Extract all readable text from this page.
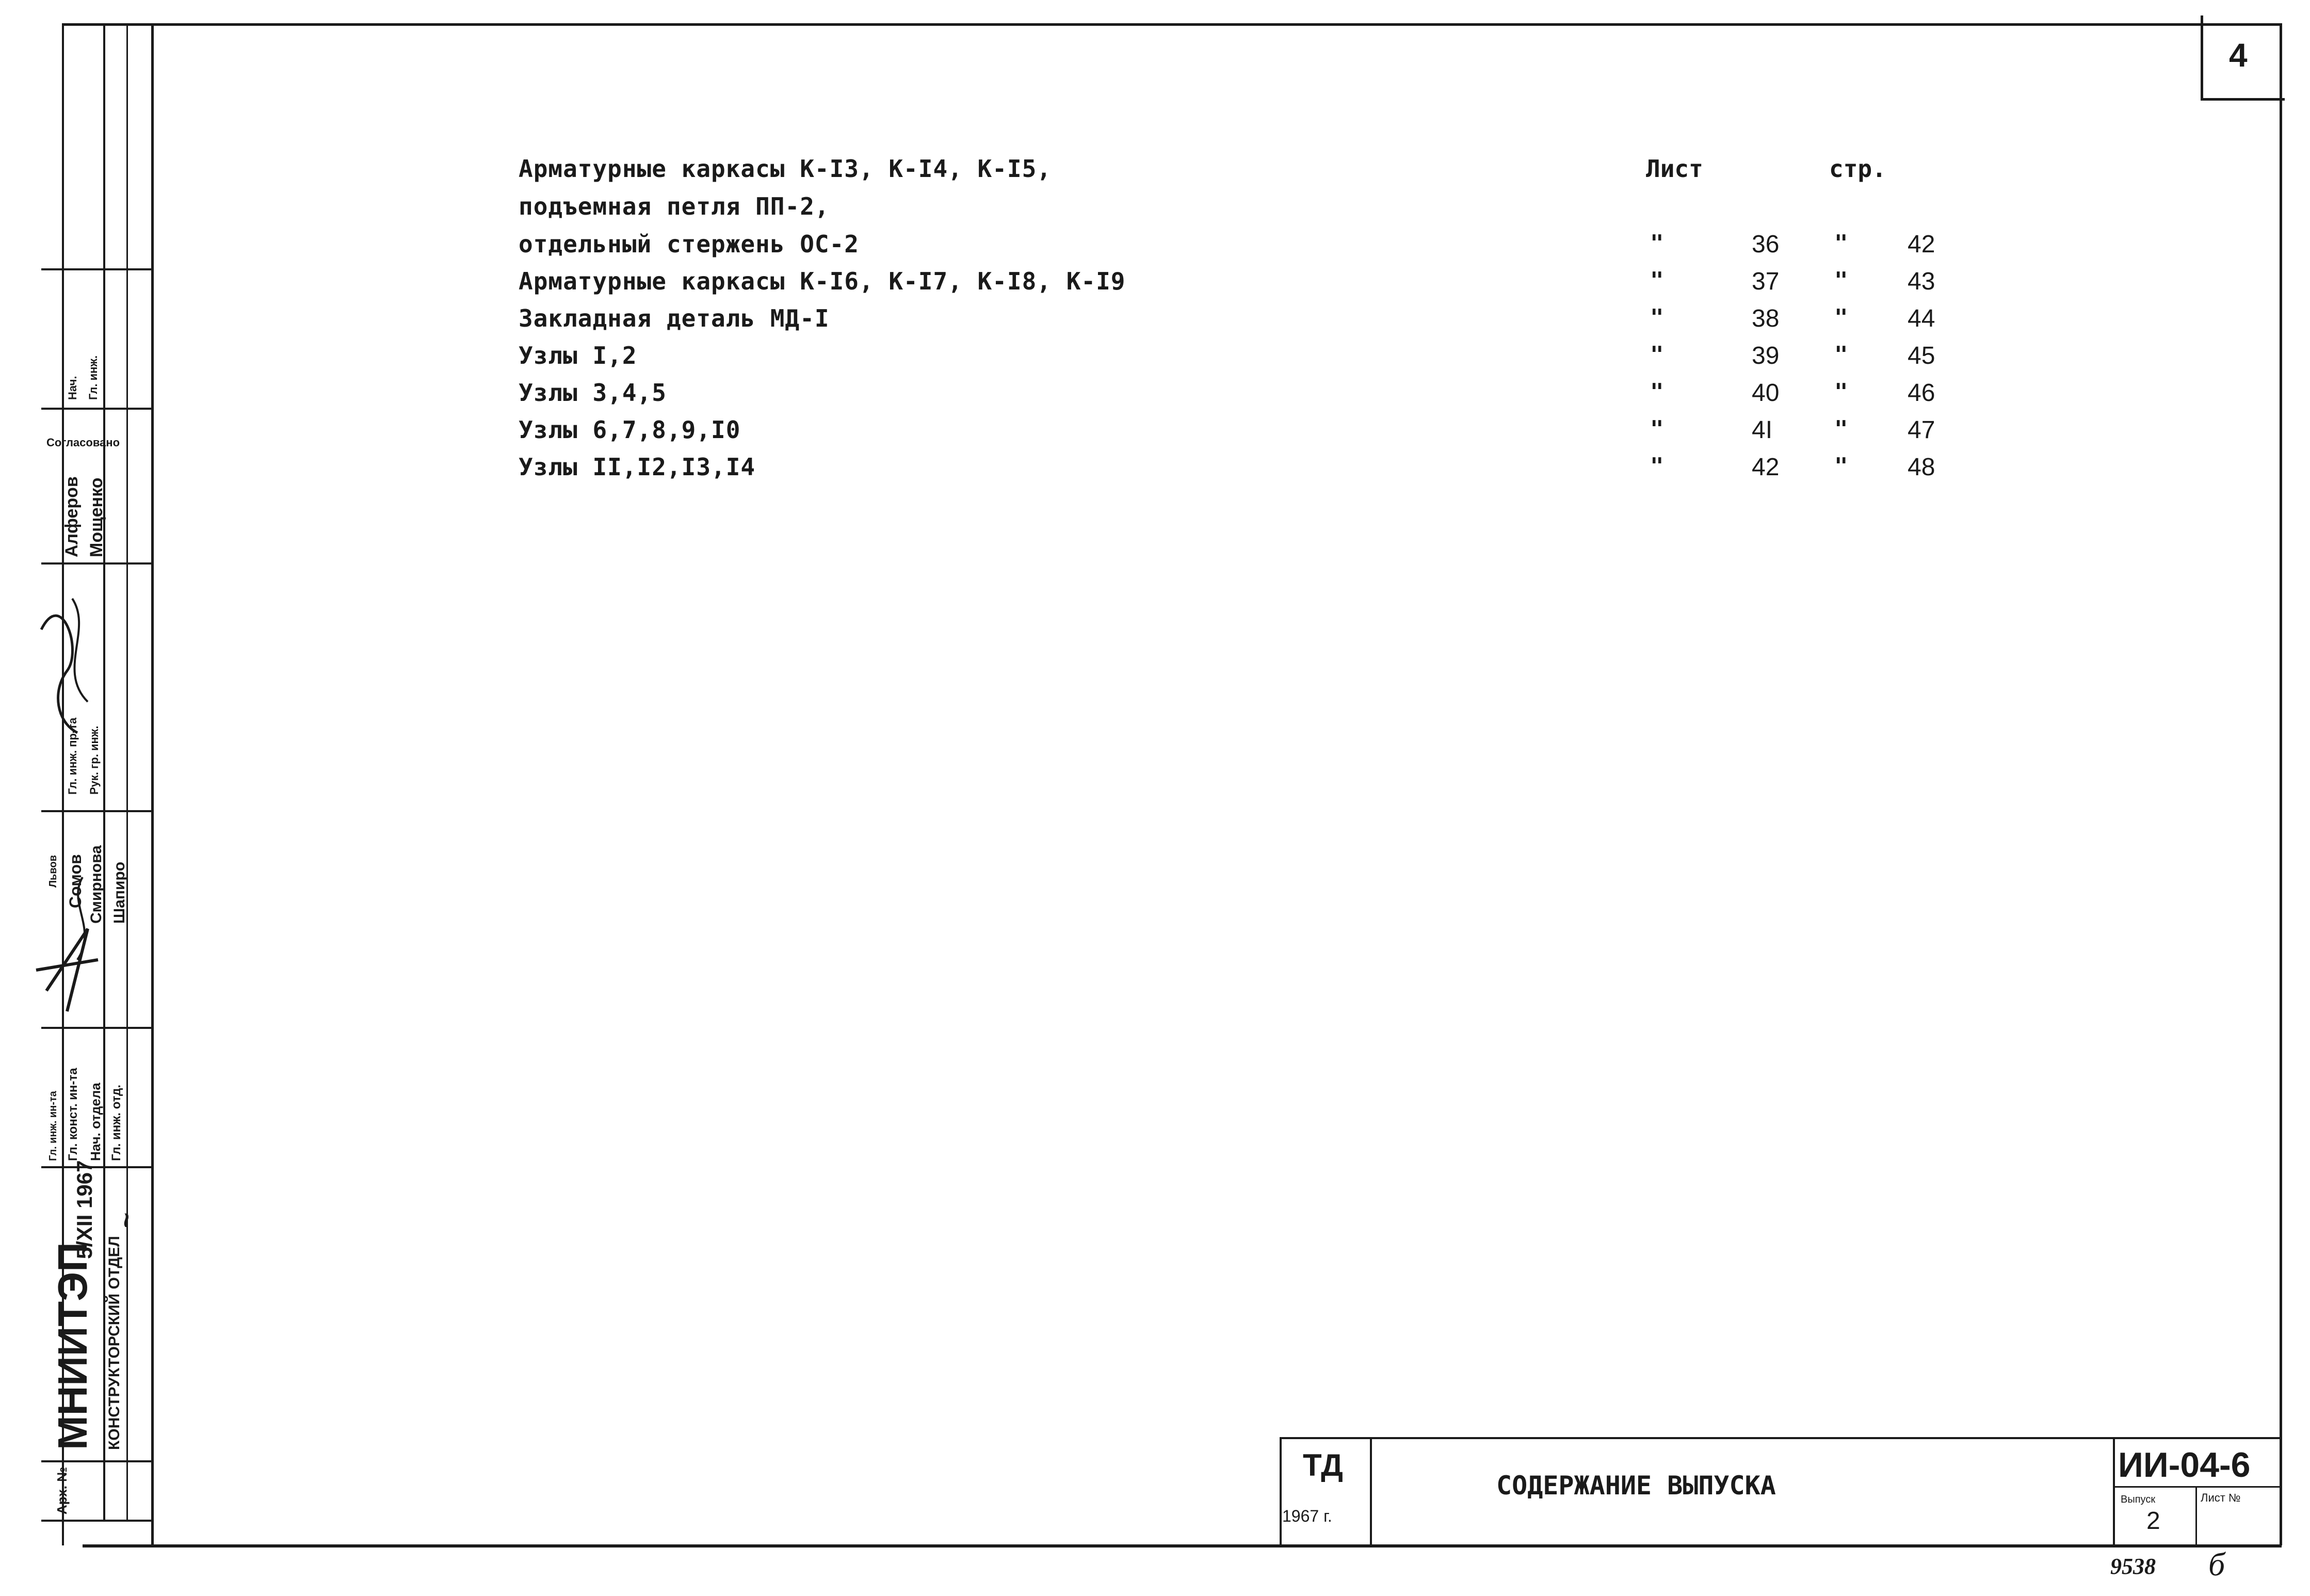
4
Лист	стр.
Арматурные каркасы К-I3, К-I4, К-I5,
подъемная петля ПП-2,
отдельный стержень ОС-2	"	36 " 42
Арматурные каркасы К-I6, К-I7, К-I8, К-I9	"	37 " 43
Закладная деталь МД-I	"	38 " 44
Узлы I,2	"	39 " 45
Узлы 3,4,5	"	40 " 46
Узлы 6,7,8,9,I0	"	4I	" 47
Узлы II,I2,I3,I4	"	42 " 48
Арх. №
МНИИТЭП КОНСТРУКТОРСКИЙ ОТДЕЛ
5/XII 1967 ~
Гл. инж. ин-та Гл. конст. ин-та Нач. отдела Гл. инж. отд.
Львов Сомов Смирнова Шапиро
Гл. инж. пр-та Рук. гр. инж.
Алферов Мощенко
Согласовано
Нач. Гл. инж.
ТД
1967 г.
СОДЕРЖАНИЕ ВЫПУСКА
ИИ-04-6
Выпуск
2
Лист №
9538 б
